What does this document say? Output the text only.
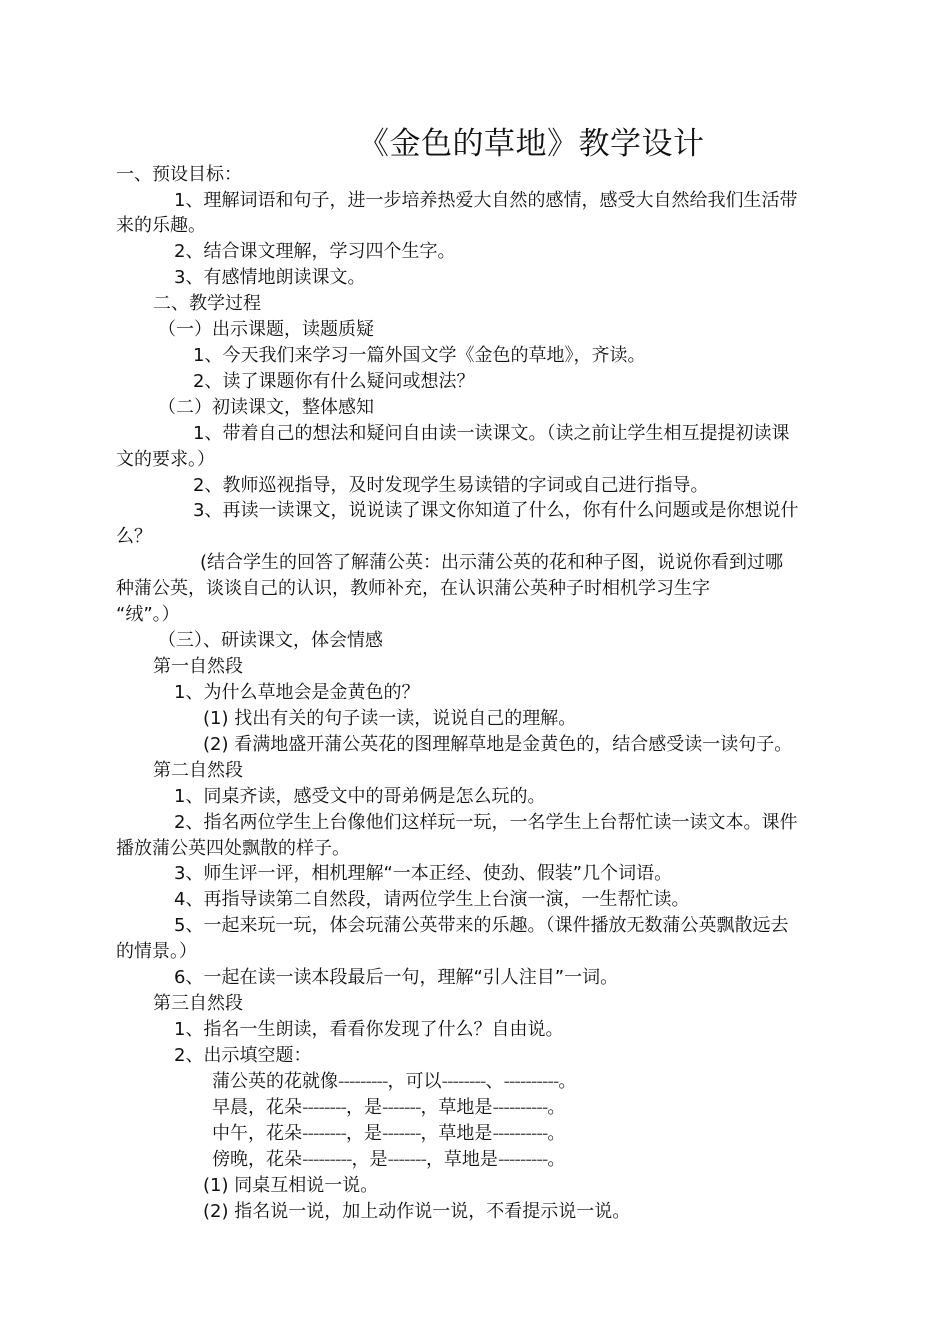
《金色的草地》教学设计
一、预设目标：
1、理解词语和句子，进一步培养热爱大自然的感情，感受大自然给我们生活带
来的乐趣。
2、结合课文理解，学习四个生字。
3、有感情地朗读课文。
二、教学过程
（一）出示课题，读题质疑
1、今天我们来学习一篇外国文学《金色的草地》，齐读。
2、读了课题你有什么疑问或想法？
（二）初读课文，整体感知
1、带着自己的想法和疑问自由读一读课文。（读之前让学生相互提提初读课
文的要求。）
2、教师巡视指导，及时发现学生易读错的字词或自己进行指导。
3、再读一读课文，说说读了课文你知道了什么，你有什么问题或是你想说什
么？
(结合学生的回答了解蒲公英：出示蒲公英的花和种子图，说说你看到过哪
种蒲公英，谈谈自己的认识，教师补充，在认识蒲公英种子时相机学习生字
“绒”。）
（三）、研读课文，体会情感
第一自然段
1、为什么草地会是金黄色的？
(1) 找出有关的句子读一读，说说自己的理解。
(2) 看满地盛开蒲公英花的图理解草地是金黄色的，结合感受读一读句子。
第二自然段
1、同桌齐读，感受文中的哥弟俩是怎么玩的。
2、指名两位学生上台像他们这样玩一玩，一名学生上台帮忙读一读文本。课件
播放蒲公英四处飘散的样子。
3、师生评一评，相机理解“一本正经、使劲、假装”几个词语。
4、再指导读第二自然段，请两位学生上台演一演，一生帮忙读。
5、一起来玩一玩，体会玩蒲公英带来的乐趣。（课件播放无数蒲公英飘散远去
的情景。）
6、一起在读一读本段最后一句，理解“引人注目”一词。
第三自然段
1、指名一生朗读，看看你发现了什么？自由说。
2、出示填空题：
蒲公英的花就像---------，可以--------、----------。
早晨，花朵--------，是-------，草地是----------。
中午，花朵--------，是-------，草地是----------。
傍晚，花朵---------，是-------，草地是---------。
(1) 同桌互相说一说。
(2) 指名说一说，加上动作说一说，不看提示说一说。
